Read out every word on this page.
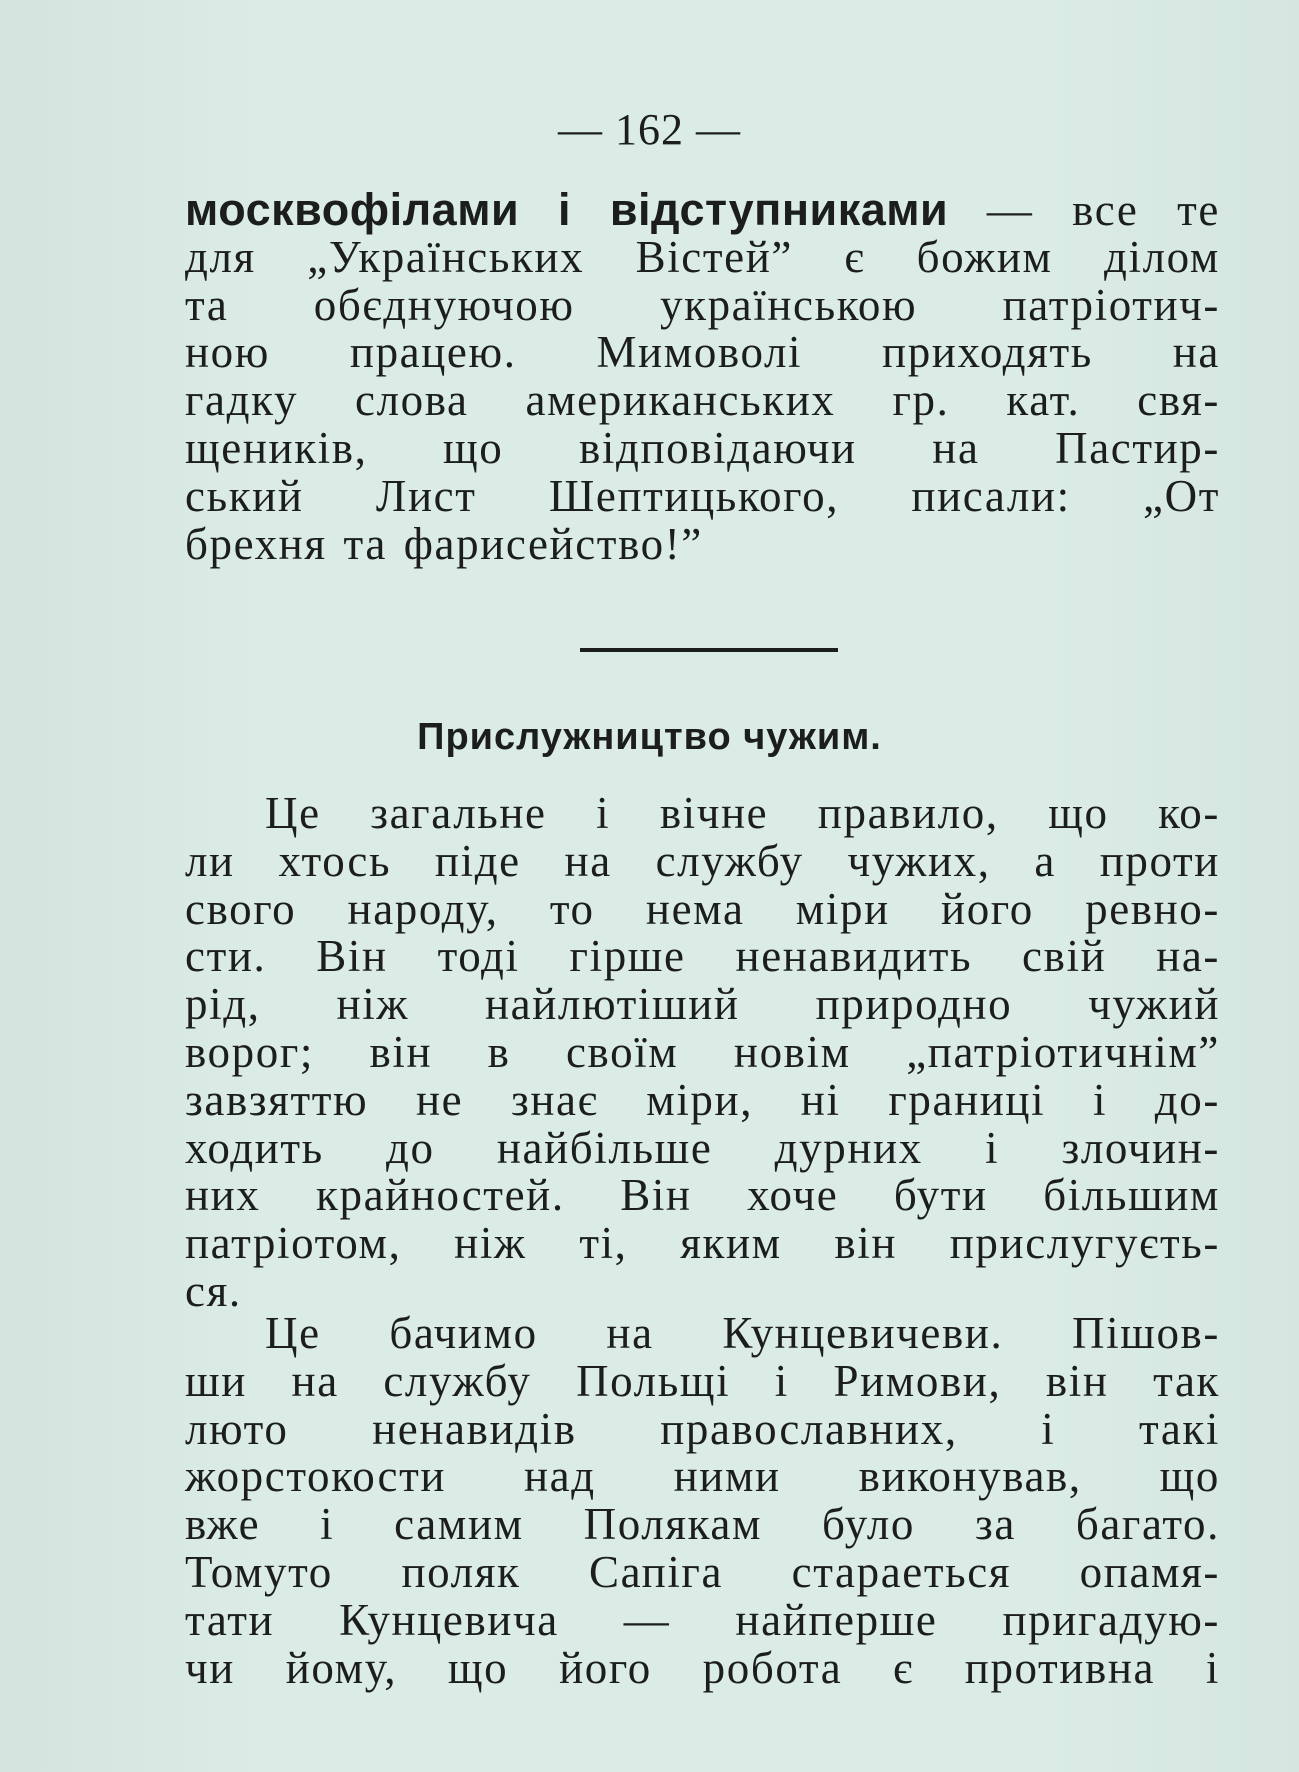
— 162 —
москвофілами і відступниками — все те
для „Українських Вістей” є божим ділом
та обєднуючою українською патріотич-
ною працею. Мимоволі приходять на
гадку слова американських гр. кат. свя-
щеників, що відповідаючи на Пастир-
ський Лист Шептицького, писали: „От
брехня та фарисейство!”
Прислужництво чужим.
Це загальне і вічне правило, що ко-
ли хтось піде на службу чужих, а проти
свого народу, то нема міри його ревно-
сти. Він тоді гірше ненавидить свій на-
рід, ніж найлютіший природно чужий
ворог; він в своїм новім „патріотичнім”
завзяттю не знає міри, ні границі і до-
ходить до найбільше дурних і злочин-
них крайностей. Він хоче бути більшим
патріотом, ніж ті, яким він прислугуєть-
ся.
Це бачимо на Кунцевичеви. Пішов-
ши на службу Польщі і Римови, він так
люто ненавидів православних, і такі
жорстокости над ними виконував, що
вже і самим Полякам було за багато.
Томуто поляк Сапіга стараеться опамя-
тати Кунцевича — найперше пригадую-
чи йому, що його робота є противна і
